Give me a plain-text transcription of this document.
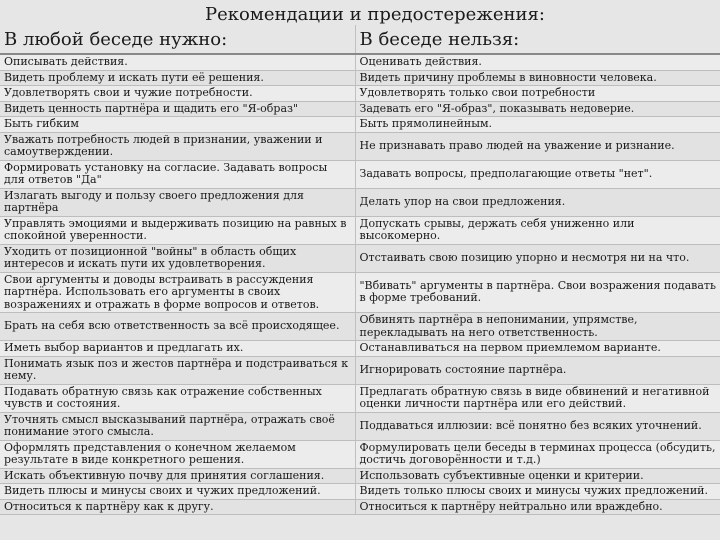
Рекомендации и предостережения:
В любой беседе нужно:	В беседе нельзя:
Описывать действия.	Оценивать действия.
Видеть проблему и искать пути её решения.	Видеть причину проблемы в виновности человека.
Удовлетворять свои и чужие потребности.	Удовлетворять только свои потребности
Видеть ценность партнёра и щадить его "Я-образ"	Задевать его "Я-образ", показывать недоверие.
Быть гибким	Быть прямолинейным.
Уважать потребность людей в признании, уважении и самоутверждении.	Не признавать право людей на уважение и ризнание.
Формировать установку на согласие. Задавать вопросы для ответов "Да"	Задавать вопросы, предполагающие ответы "нет".
Излагать выгоду и пользу своего предложения для партнёра	Делать упор на свои предложения.
Управлять эмоциями и выдерживать позицию на равных в спокойной уверенности.	Допускать срывы, держать себя униженно или высокомерно.
Уходить от позиционной "войны" в область общих интересов и искать пути их удовлетворения.	Отстаивать свою позицию упорно и несмотря ни на что.
Свои аргументы и доводы встраивать в рассуждения партнёра. Использовать его аргументы в своих возражениях и отражать в форме вопросов и ответов.	"Вбивать" аргументы в партнёра. Свои возражения подавать в форме требований.
Брать на себя всю ответственность за всё происходящее.	Обвинять партнёра в непонимании, упрямстве, перекладывать на него ответственность.
Иметь выбор вариантов и предлагать их.	Останавливаться на первом приемлемом варианте.
Понимать язык поз и жестов партнёра и подстраиваться к нему.	Игнорировать состояние партнёра.
Подавать обратную связь как отражение собственных чувств и состояния.	Предлагать обратную связь в виде обвинений и негативной оценки личности партнёра или его действий.
Уточнять смысл высказываний партнёра, отражать своё понимание этого смысла.	Поддаваться иллюзии: всё понятно без всяких уточнений.
Оформлять представления о конечном желаемом результате в виде конкретного решения.	Формулировать цели беседы в терминах процесса (обсудить, достичь договорённости и т.д.)
Искать объективную почву для принятия соглашения.	Использовать субъективные оценки и критерии.
Видеть плюсы и минусы своих и чужих предложений.	Видеть только плюсы своих и минусы чужих предложений.
Относиться к партнёру как к другу.	Относиться к партнёру нейтрально или враждебно.
